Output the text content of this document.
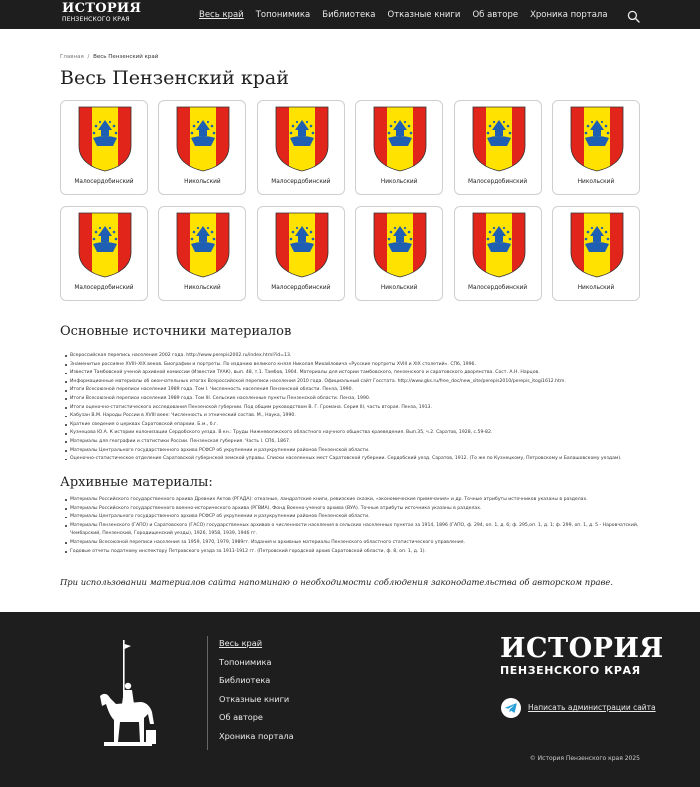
ИСТОРИЯ
ПЕНЗЕНСКОГО КРАЯ	Весь край Топонимика Библиотека Отказные книги Об авторе Хроника портала
Главная / Весь Пензенский край
Весь Пензенский край
Малосердобинский	Никольский	Малосердобинский	Никольский	Малосердобинский	Никольский
Малосердобинский	Никольский	Малосердобинский	Никольский	Малосердобинский	Никольский
Основные источники материалов
Всероссийская перепись населения 2002 года. http://www.perepis2002.ru/index.html?id=13.
Знаменитые россияне XVIII–XIX веков. Биографии и портреты. По изданию великого князя Николая Михайловича «Русские портреты XVIII и XIX столетий». СПб, 1996.
Известия Тамбовской ученой архивной комиссии (Известия ТУАК), вып. 48, т.1. Тамбов, 1904. Материалы для истории тамбовского, пензенского и саратовского дворянства. Сост. А.Н. Нарцов.
Информационные материалы об окончательных итогах Всероссийской переписи населения 2010 года. Официальный сайт Госстата. http://www.gks.ru/free_doc/new_site/perepis2010/perepis_itogi1612.htm.
Итоги Всесоюзной переписи населения 1989 года. Том I. Численность населения Пензенской области. Пенза, 1990.
Итоги Всесоюзной переписи населения 1989 года. Том III. Сельские населенные пункты Пензенской области. Пенза, 1990.
Итоги оценочно-статистического исследования Пензенской губернии. Под общим руководством В. Г. Громана. Серия III, часть вторая. Пенза, 1913.
Кабузан В.М. Народы России в XVIII веке: Численность и этнический состав. М., Наука, 1990.
Краткие сведения о церквах Саратовской епархии. Б.м., б.г.
Кузнецова Ю.А. К истории колонизации Сердобского уезда. В кн.: Труды Нижневолжского областного научного общества краеведения. Вып.35, ч.2. Саратов, 1928, с.59-82.
Материалы для географии и статистики России. Пензенская губерния. Часть I. СПб, 1867.
Материалы Центрального государственного архива РСФСР об укрупнении и разукрупнении районов Пензенской области.
Оценочно-статистическое отделение Саратовской губернской земской управы. Списки населенных мест Саратовской губернии. Сердобский уезд. Саратов, 1912. (То же по Кузнецкому, Петровскому и Балашовскому уездам).
Архивные материалы:
Материалы Российского государственного архива Древних Актов (РГАДА): отказные, ландратские книги, ревизские сказки, «экономические примечания» и др. Точные атрибуты источников указаны в разделах.
Материалы Российского государственного военно-исторического архива (РГВИА). Фонд Военно-ученого архива (ВУА). Точные атрибуты источника указаны в разделах.
Материалы Центрального государственного архива РСФСР об укрупнении и разукрупнении районов Пензенской области.
Материалы Пензенского (ГАПО) и Саратовского (ГАСО) государственных архивов о численности населения в сельских населенных пунктах за 1914, 1896 (ГАПО, ф. 294, оп. 1, д. 6; ф. 295,оп. 1, д. 1; ф. 299, оп. 1, д. 5 - Наровчатский, Чембарский, Пензенский, Городищенский уезды), 1926, 1958, 1939, 1946 гг.
Материалы Всесоюзной переписи населения за 1959, 1970, 1979, 1989гг. Издания и архивные материалы Пензенского областного статистического управления.
Годовые отчеты податному инспектору Петровского уезда за 1911-1912 гг. (Петровский городской архив Саратовской области, ф. 8, оп. 1, д. 1).

При использовании материалов сайта напоминаю о необходимости соблюдения законодательства об авторском праве.

Весь край
Топонимика
Библиотека
Отказные книги
Об авторе
Хроника портала
ИСТОРИЯ
ПЕНЗЕНСКОГО КРАЯ
Написать администрации сайта
© История Пензенского края 2025
